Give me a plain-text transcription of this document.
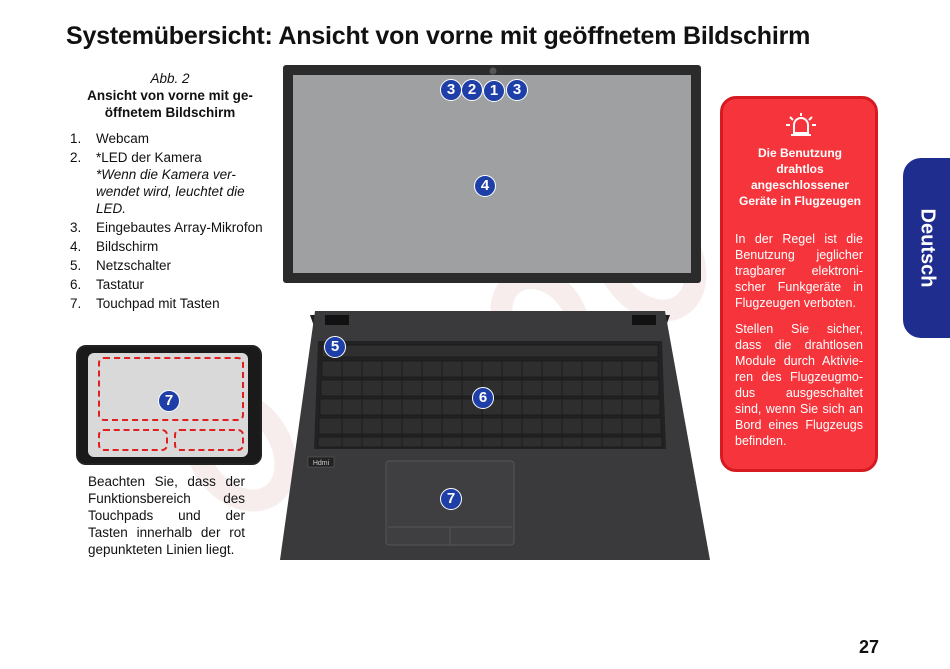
Systemübersicht: Ansicht von vorne mit geöffnetem Bildschirm
Abb. 2
Ansicht von vorne mit ge-
öffnetem Bildschirm
1.	Webcam
2.	*LED der Kamera
*Wenn die Kamera ver-
wendet wird, leuchtet die
LED.
3.	Eingebautes Array-Mikrofon
4.	Bildschirm
5.	Netzschalter
6.	Tastatur
7.	Touchpad mit Tasten
7
Beachten Sie, dass der Funktionsbereich des Touchpads und der Tasten innerhalb der rot gepunkteten Linien liegt.
Hdmi
3 2 1 3
4
5
6
7
Die Benutzung drahtlos angeschlossener Geräte in Flugzeugen
In der Regel ist die Benutzung jeglicher tragbarer elektroni-scher Funkgeräte in Flugzeugen verboten.
Stellen Sie sicher, dass die drahtlosen Module durch Aktivie-ren des Flugzeugmo-dus ausgeschaltet sind, wenn Sie sich an Bord eines Flugzeugs befinden.
Deutsch
27
